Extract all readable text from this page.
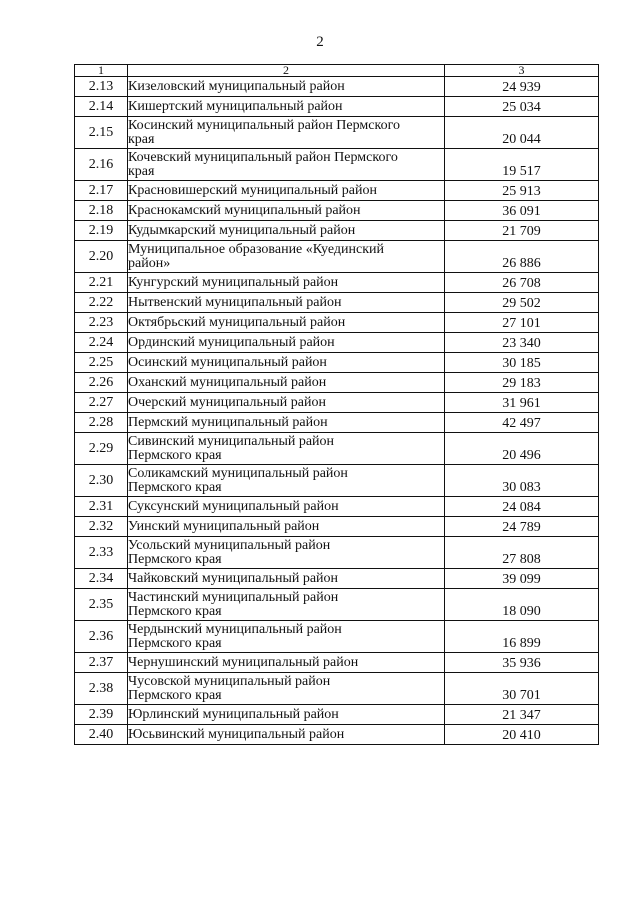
2
1	2	3
2.13	Кизеловский муниципальный район	24 939
2.14	Кишертский муниципальный район	25 034
2.15	Косинский муниципальный район Пермского
края	20 044
2.16	Кочевский муниципальный район Пермского
края	19 517
2.17	Красновишерский муниципальный район	25 913
2.18	Краснокамский муниципальный район	36 091
2.19	Кудымкарский муниципальный район	21 709
2.20	Муниципальное образование «Куединский
район»	26 886
2.21	Кунгурский муниципальный район	26 708
2.22	Нытвенский муниципальный район	29 502
2.23	Октябрьский муниципальный район	27 101
2.24	Ординский муниципальный район	23 340
2.25	Осинский муниципальный район	30 185
2.26	Оханский муниципальный район	29 183
2.27	Очерский муниципальный район	31 961
2.28	Пермский муниципальный район	42 497
2.29	Сивинский муниципальный район
Пермского края	20 496
2.30	Соликамский муниципальный район
Пермского края	30 083
2.31	Суксунский муниципальный район	24 084
2.32	Уинский муниципальный район	24 789
2.33	Усольский муниципальный район
Пермского края	27 808
2.34	Чайковский муниципальный район	39 099
2.35	Частинский муниципальный район
Пермского края	18 090
2.36	Чердынский муниципальный район
Пермского края	16 899
2.37	Чернушинский муниципальный район	35 936
2.38	Чусовской муниципальный район
Пермского края	30 701
2.39	Юрлинский муниципальный район	21 347
2.40	Юсьвинский муниципальный район	20 410
